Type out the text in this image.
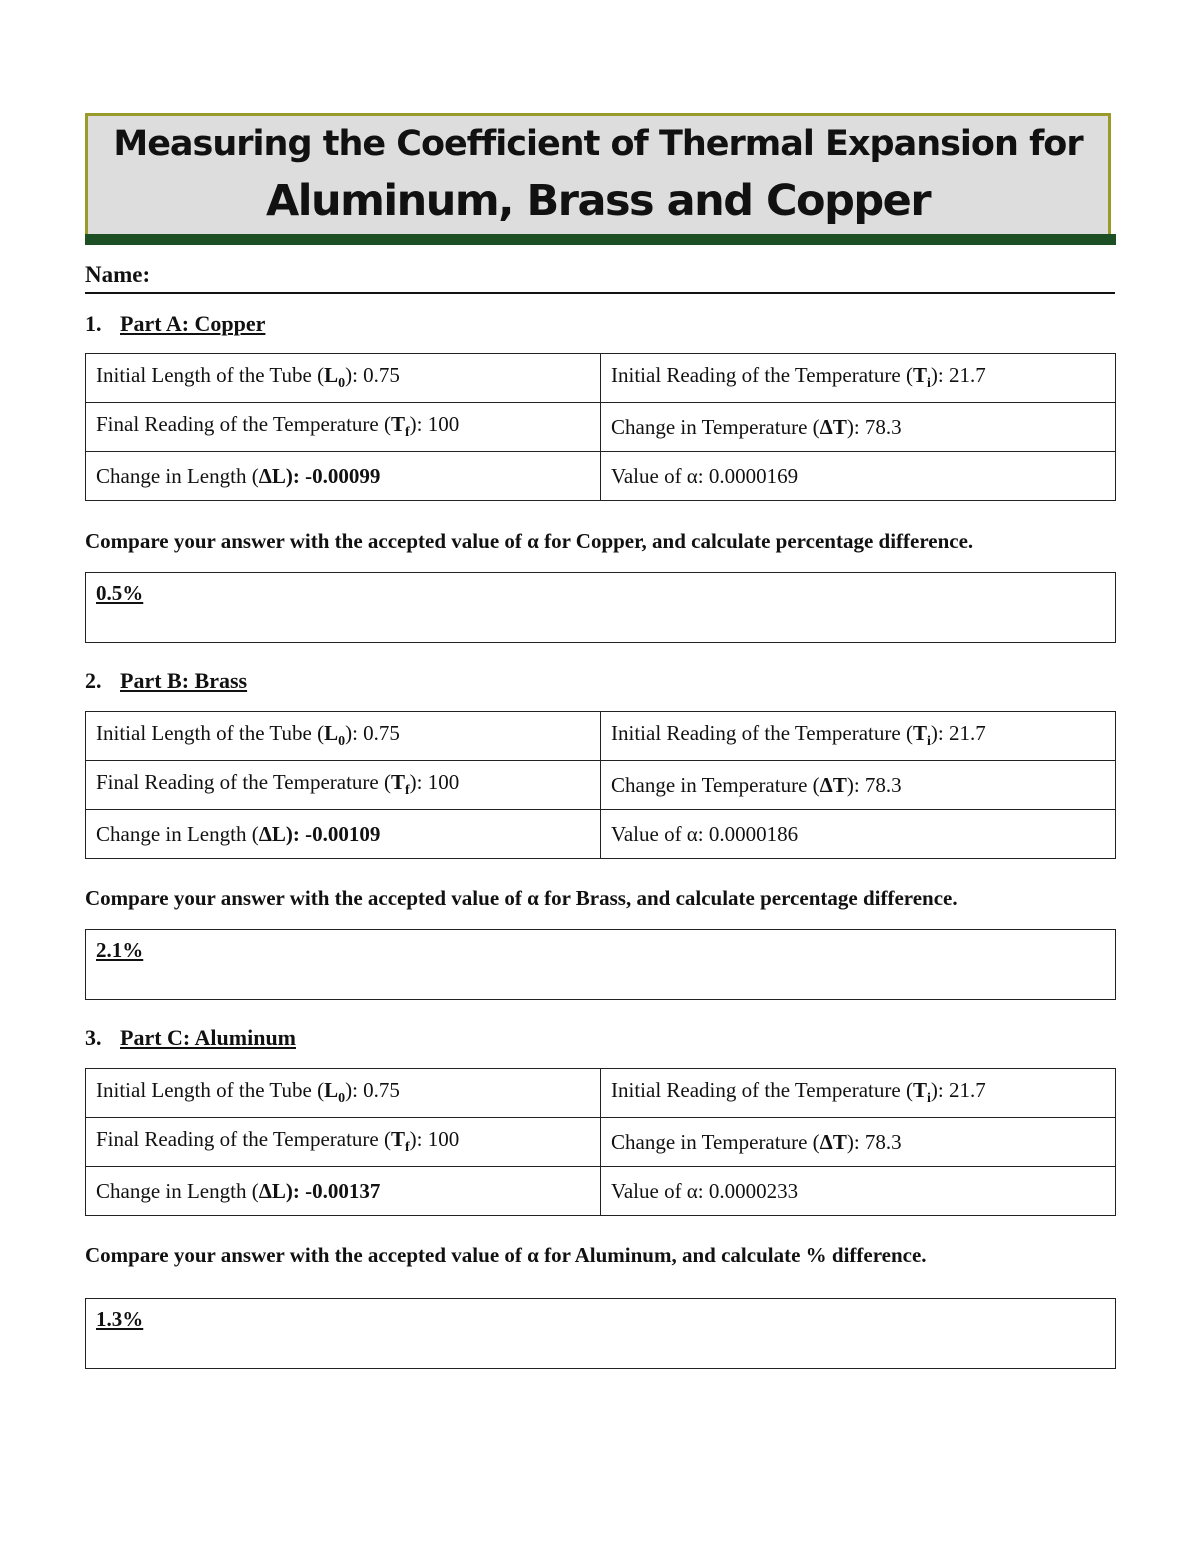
Measuring the Coefficient of Thermal Expansion for
Aluminum, Brass and Copper
Name:
1. Part A: Copper
Initial Length of the Tube $(L_0)$: 0.75	Initial Reading of the Temperature $(T_i)$: 21.7
Final Reading of the Temperature $(T_f)$: 100	Change in Temperature (ΔT): 78.3
Change in Length (ΔL): -0.00099	Value of α: 0.0000169
Compare your answer with the accepted value of α for Copper, and calculate percentage difference.
0.5%
2. Part B: Brass
Initial Length of the Tube $(L_0)$: 0.75	Initial Reading of the Temperature $(T_i)$: 21.7
Final Reading of the Temperature $(T_f)$: 100	Change in Temperature (ΔT): 78.3
Change in Length (ΔL): -0.00109	Value of α: 0.0000186
Compare your answer with the accepted value of α for Brass, and calculate percentage difference.
2.1%
3. Part C: Aluminum
Initial Length of the Tube $(L_0)$: 0.75	Initial Reading of the Temperature $(T_i)$: 21.7
Final Reading of the Temperature $(T_f)$: 100	Change in Temperature (ΔT): 78.3
Change in Length (ΔL): -0.00137	Value of α: 0.0000233
Compare your answer with the accepted value of α for Aluminum, and calculate % difference.
1.3%
